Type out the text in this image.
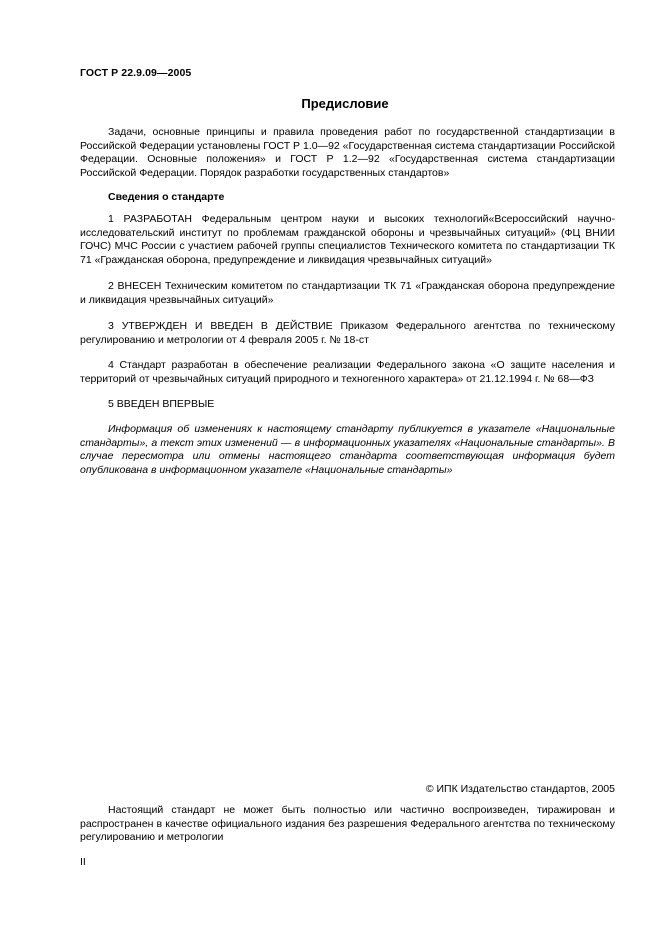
ГОСТ Р 22.9.09—2005
Предисловие

Задачи, основные принципы и правила проведения работ по государственной стандартизации в Российской Федерации установлены ГОСТ Р 1.0—92 «Государственная система стандартизации Российской Федерации. Основные положения» и ГОСТ Р 1.2—92 «Государственная система стандартизации Российской Федерации. Порядок разработки государственных стандартов»

Сведения о стандарте

1 РАЗРАБОТАН Федеральным центром науки и высоких технологий«Всероссийский научно-исследовательский институт по проблемам гражданской обороны и чрезвычайных ситуаций» (ФЦ ВНИИ ГОЧС) МЧС России с участием рабочей группы специалистов Технического комитета по стандартизации ТК 71 «Гражданская оборона, предупреждение и ликвидация чрезвычайных ситуаций»

2 ВНЕСЕН Техническим комитетом по стандартизации ТК 71 «Гражданская оборона предупреждение и ликвидация чрезвычайных ситуаций»

3 УТВЕРЖДЕН И ВВЕДЕН В ДЕЙСТВИЕ Приказом Федерального агентства по техническому регулированию и метрологии от 4 февраля 2005 г. № 18-ст

4 Стандарт разработан в обеспечение реализации Федерального закона «О защите населения и территорий от чрезвычайных ситуаций природного и техногенного характера» от 21.12.1994 г. № 68—ФЗ

5 ВВЕДЕН ВПЕРВЫЕ

Информация об изменениях к настоящему стандарту публикуется в указателе «Национальные стандарты», а текст этих изменений — в информационных указателях «Национальные стандарты». В случае пересмотра или отмены настоящего стандарта соответствующая информация будет опубликована в информационном указателе «Национальные стандарты»

© ИПК Издательство стандартов, 2005

Настоящий стандарт не может быть полностью или частично воспроизведен, тиражирован и распространен в качестве официального издания без разрешения Федерального агентства по техническому регулированию и метрологии

II
